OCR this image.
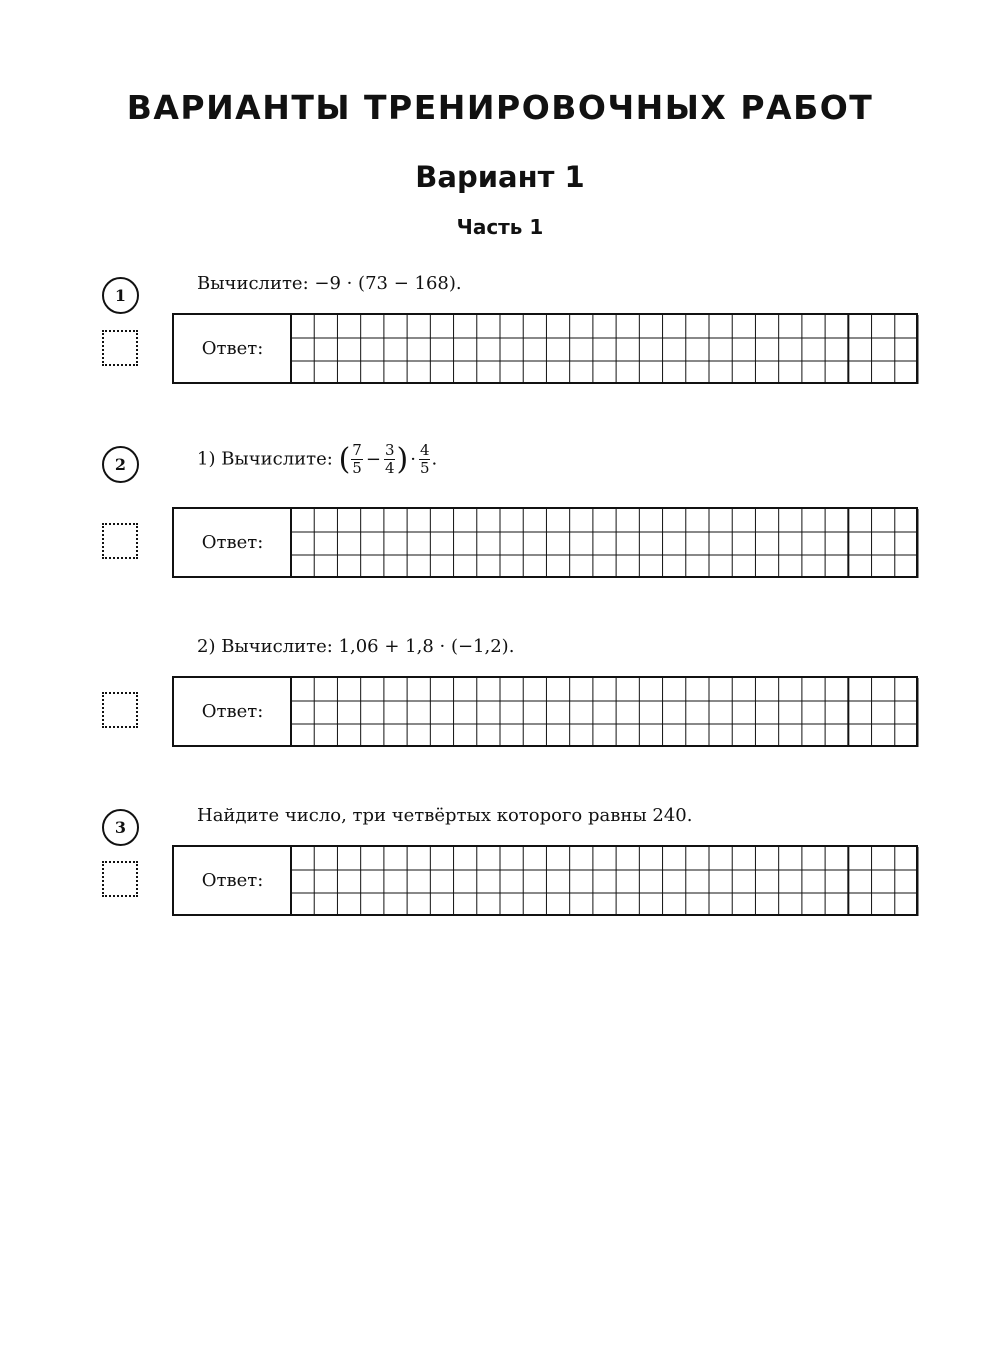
ВАРИАНТЫ ТРЕНИРОВОЧНЫХ РАБОТ
Вариант 1
Часть 1
1
Вычислите: −9 · (73 − 168).
Ответ:
2	1) Вычислите: ( $\frac{7}{5} - \frac{3}{4}$ ) · $\frac{4}{5}$ .
Ответ:
2) Вычислите: 1,06 + 1,8 · (−1,2).
Ответ:
3
Найдите число, три четвёртых которого равны 240.
Ответ:
